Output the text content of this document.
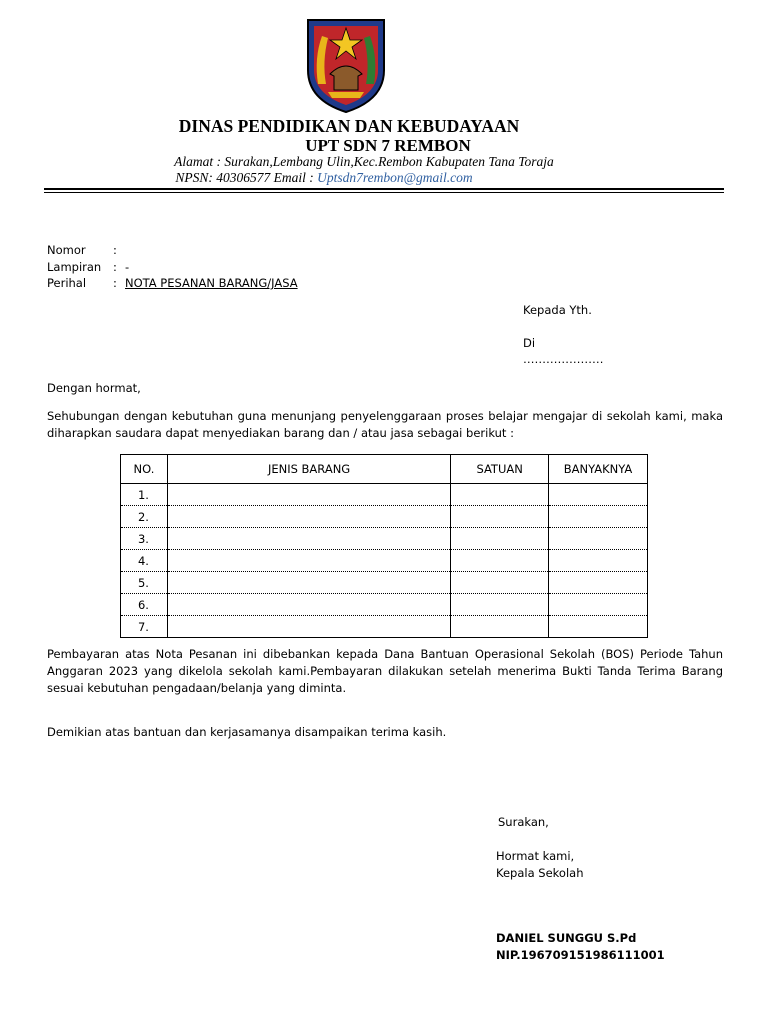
DINAS PENDIDIKAN DAN KEBUDAYAAN
UPT SDN 7 REMBON
Alamat : Surakan,Lembang Ulin,Kec.Rembon Kabupaten Tana Toraja
NPSN: 40306577 Email : Uptsdn7rembon@gmail.com
Nomor	:
Lampiran	: -
Perihal	: NOTA PESANAN BARANG/JASA
Kepada Yth.
Di
…………………
Dengan hormat,
Sehubungan dengan kebutuhan guna menunjang penyelenggaraan proses belajar mengajar di sekolah kami, maka diharapkan saudara dapat menyediakan barang dan / atau jasa sebagai berikut :
NO.	JENIS BARANG	SATUAN	BANYAKNYA
1.			
2.			
3.			
4.			
5.			
6.			
7.			
Pembayaran atas Nota Pesanan ini dibebankan kepada Dana Bantuan Operasional Sekolah (BOS) Periode Tahun Anggaran 2023 yang dikelola sekolah kami.Pembayaran dilakukan setelah menerima Bukti Tanda Terima Barang sesuai kebutuhan pengadaan/belanja yang diminta.
Demikian atas bantuan dan kerjasamanya disampaikan terima kasih.
Surakan,
Hormat kami,
Kepala Sekolah
DANIEL SUNGGU S.Pd
NIP.196709151986111001
